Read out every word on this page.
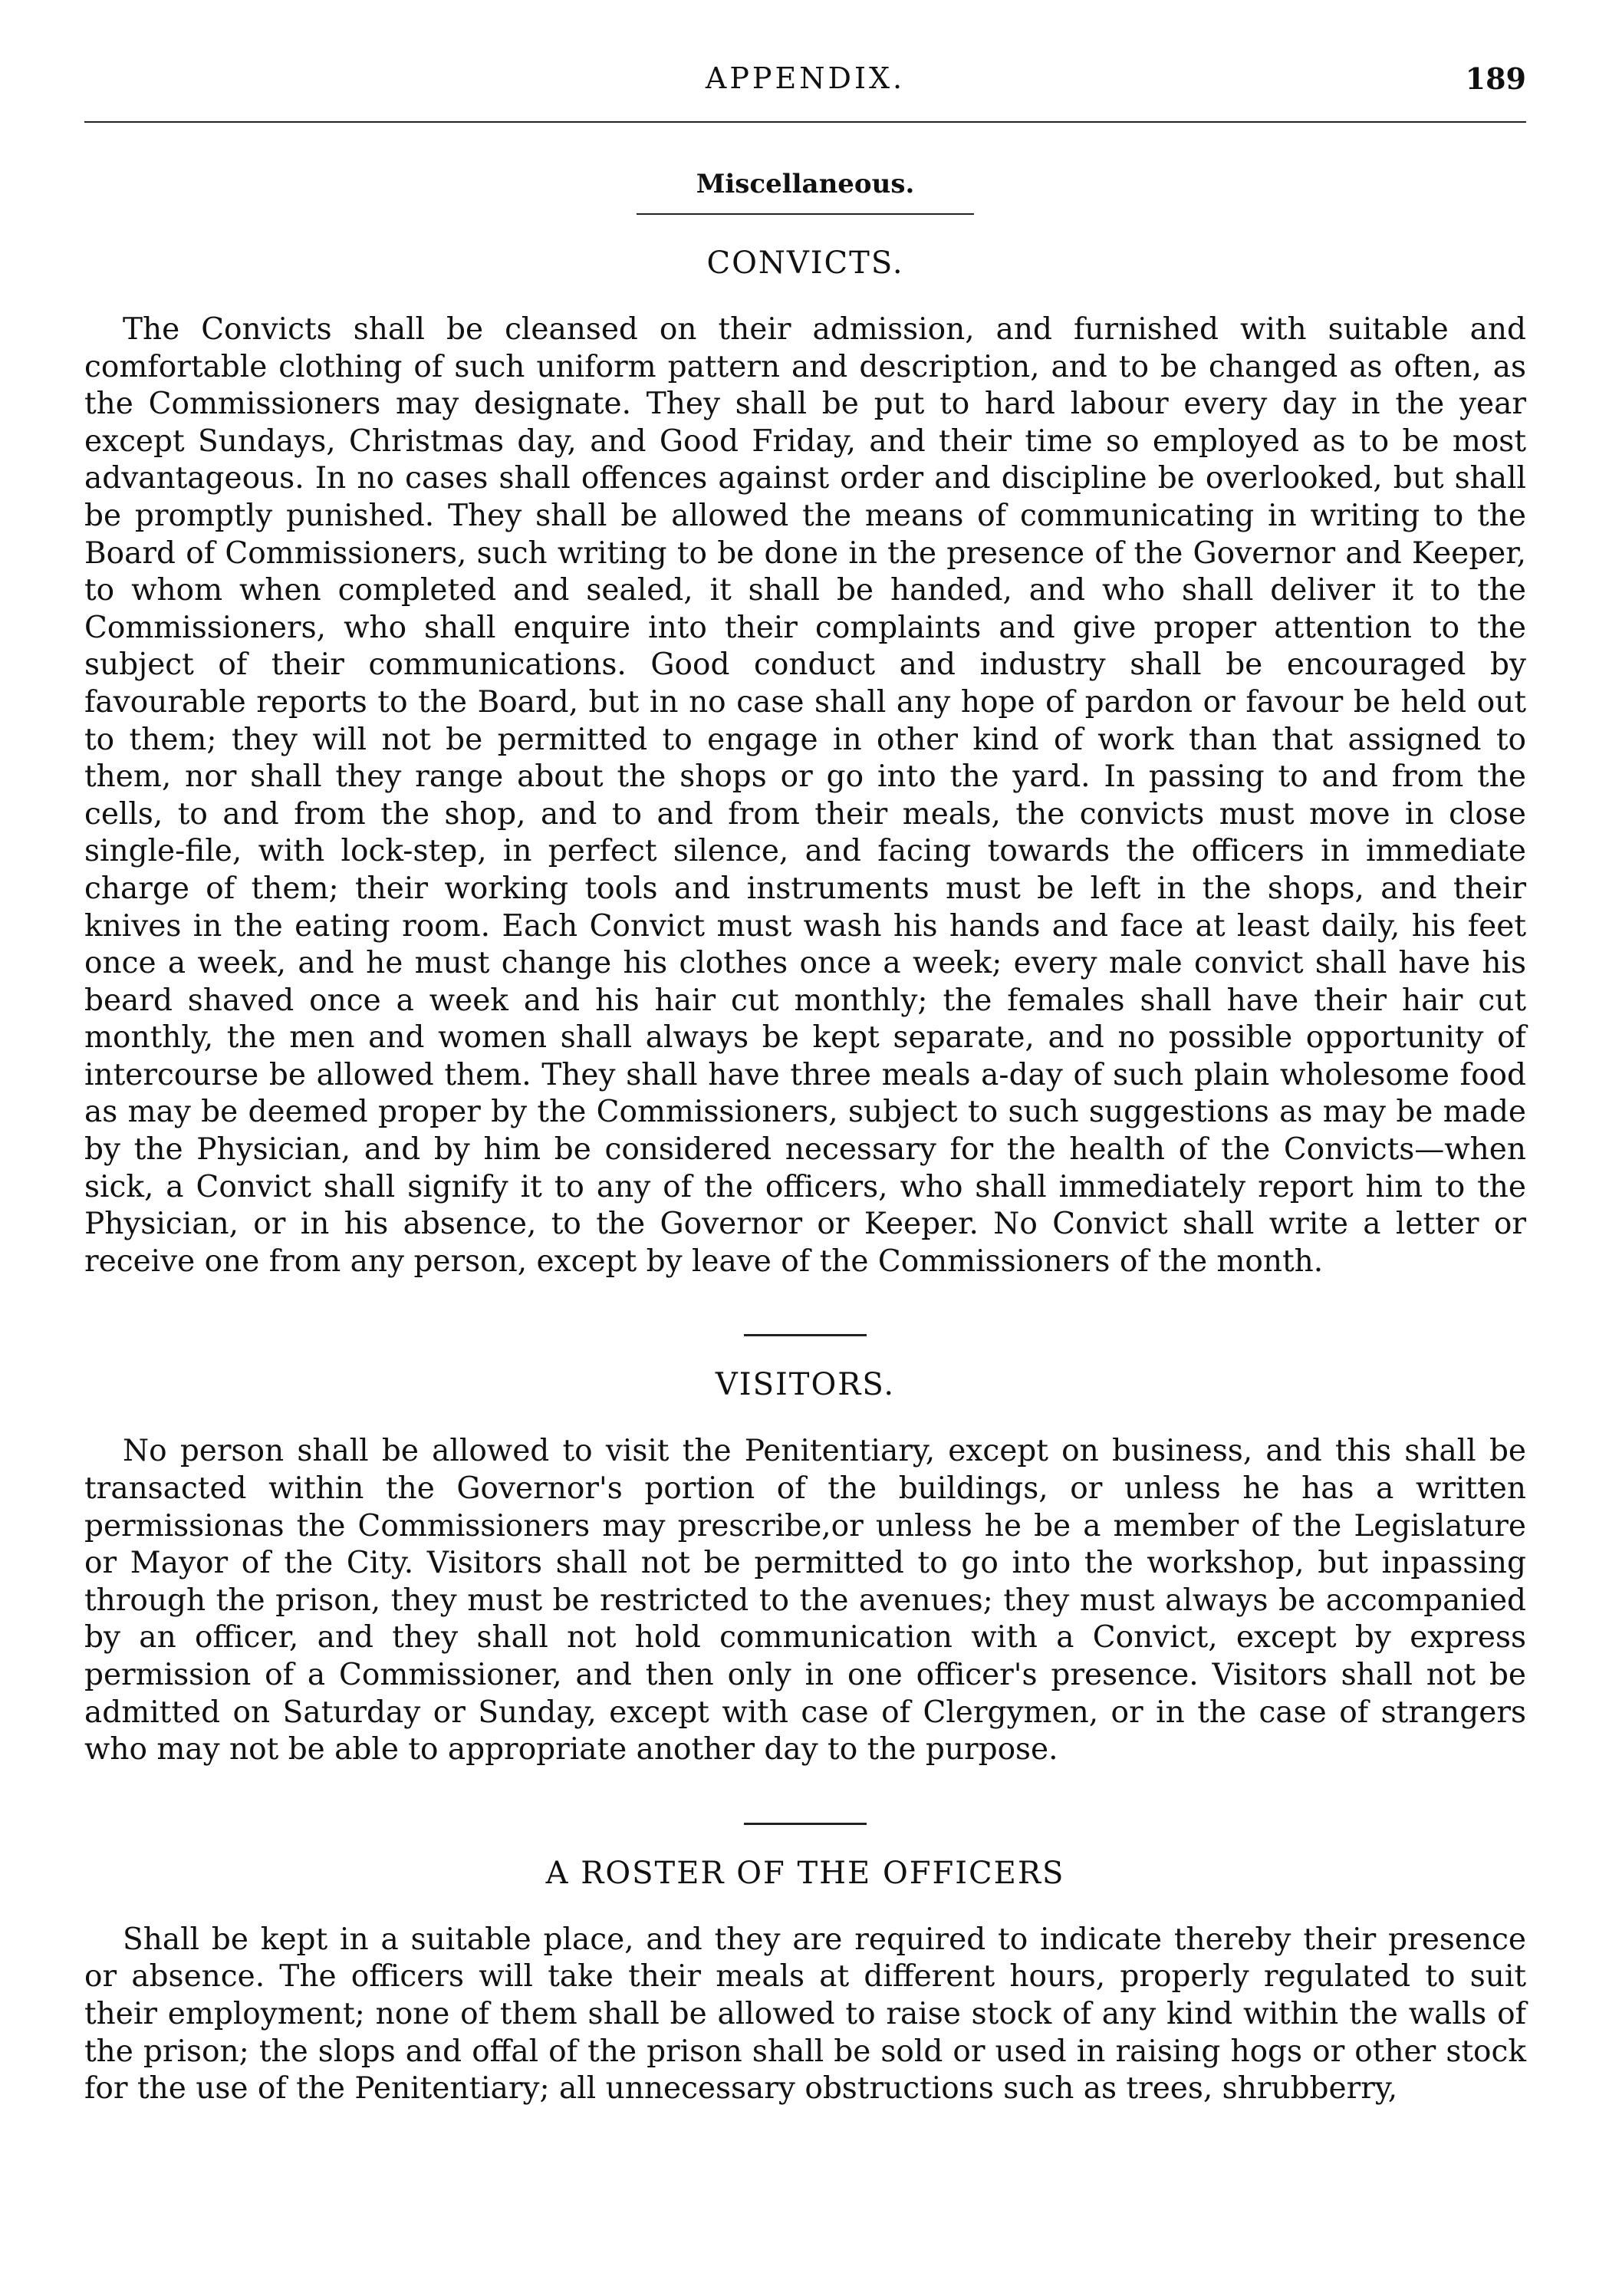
APPENDIX.	189
Miscellaneous.
CONVICTS.

The Convicts shall be cleansed on their admission, and furnished with suitable and comfortable clothing of such uniform pattern and description, and to be changed as often, as the Commissioners may designate. They shall be put to hard labour every day in the year except Sundays, Christmas day, and Good Friday, and their time so employed as to be most advantageous. In no cases shall offences against order and discipline be overlooked, but shall be promptly punished. They shall be allowed the means of communicating in writing to the Board of Commissioners, such writing to be done in the presence of the Governor and Keeper, to whom when completed and sealed, it shall be handed, and who shall deliver it to the Commissioners, who shall enquire into their complaints and give proper attention to the subject of their communications. Good conduct and industry shall be encouraged by favourable reports to the Board, but in no case shall any hope of pardon or favour be held out to them; they will not be permitted to engage in other kind of work than that assigned to them, nor shall they range about the shops or go into the yard. In passing to and from the cells, to and from the shop, and to and from their meals, the convicts must move in close single-file, with lock-step, in perfect silence, and facing towards the officers in immediate charge of them; their working tools and instruments must be left in the shops, and their knives in the eating room. Each Convict must wash his hands and face at least daily, his feet once a week, and he must change his clothes once a week; every male convict shall have his beard shaved once a week and his hair cut monthly; the females shall have their hair cut monthly, the men and women shall always be kept separate, and no possible opportunity of intercourse be allowed them. They shall have three meals a-day of such plain wholesome food as may be deemed proper by the Commissioners, subject to such suggestions as may be made by the Physician, and by him be considered necessary for the health of the Convicts—when sick, a Convict shall signify it to any of the officers, who shall immediately report him to the Physician, or in his absence, to the Governor or Keeper. No Convict shall write a letter or receive one from any person, except by leave of the Commissioners of the month.

VISITORS.

No person shall be allowed to visit the Penitentiary, except on business, and this shall be transacted within the Governor's portion of the buildings, or unless he has a written permissionas the Commissioners may prescribe,or unless he be a member of the Legislature or Mayor of the City. Visitors shall not be permitted to go into the workshop, but inpassing through the prison, they must be restricted to the avenues; they must always be accompanied by an officer, and they shall not hold communication with a Convict, except by express permission of a Commissioner, and then only in one officer's presence. Visitors shall not be admitted on Saturday or Sunday, except with case of Clergymen, or in the case of strangers who may not be able to appropriate another day to the purpose.

A ROSTER OF THE OFFICERS

Shall be kept in a suitable place, and they are required to indicate thereby their presence or absence. The officers will take their meals at different hours, properly regulated to suit their employment; none of them shall be allowed to raise stock of any kind within the walls of the prison; the slops and offal of the prison shall be sold or used in raising hogs or other stock for the use of the Penitentiary; all unnecessary obstructions such as trees, shrubberry,
